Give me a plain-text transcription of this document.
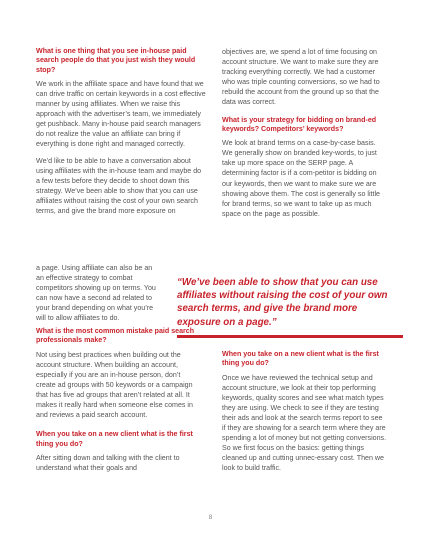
What is one thing that you see in-house paid search people do that you just wish they would stop?

We work in the affiliate space and have found that we can drive traffic on certain keywords in a cost effective manner by using affiliates. When we raise this approach with the advertiser’s team, we immediately get pushback. Many in-house paid search managers do not realize the value an affiliate can bring if everything is done right and managed correctly.

We’d like to be able to have a conversation about using affiliates with the in-house team and maybe do a few tests before they decide to shoot down this strategy. We’ve been able to show that you can use affiliates without raising the cost of your own search terms, and give the brand more exposure on

a page. Using affiliate can also be an an effective strategy to combat competitors showing up on terms. You can now have a second ad related to your brand depending on what you’re will to allow affiliates to do.

What is the most common mistake paid search professionals make?

Not using best practices when building out the account structure. When building an account, especially if you are an in-house person, don’t create ad groups with 50 keywords or a campaign that has five ad groups that aren’t related at all. It makes it really hard when someone else comes in and reviews a paid search account.

When you take on a new client what is the first thing you do?

After sitting down and talking with the client to understand what their goals and

objectives are, we spend a lot of time focusing on account structure. We want to make sure they are tracking everything correctly. We had a customer who was triple counting conversions, so we had to rebuild the account from the ground up so that the data was correct.

What is your strategy for bidding on brand-ed keywords? Competitors’ keywords?

We look at brand terms on a case-by-case basis. We generally show on branded key-words, to just take up more space on the SERP page. A determining factor is if a com-petitor is bidding on our keywords, then we want to make sure we are showing above them. The cost is generally so little for brand terms, so we want to take up as much space on the page as possible.

“We’ve been able to show that you can use affiliates without raising the cost of your own search terms, and give the brand more exposure on a page.”

When you take on a new client what is the first thing you do?

Once we have reviewed the technical setup and account structure, we look at their top performing keywords, quality scores and see what match types they are using. We check to see if they are testing their ads and look at the search terms report to see if they are showing for a search term where they are spending a lot of money but not getting conversions. So we first focus on the basics: getting things cleaned up and cutting unnec-essary cost. Then we look to build traffic.

8
